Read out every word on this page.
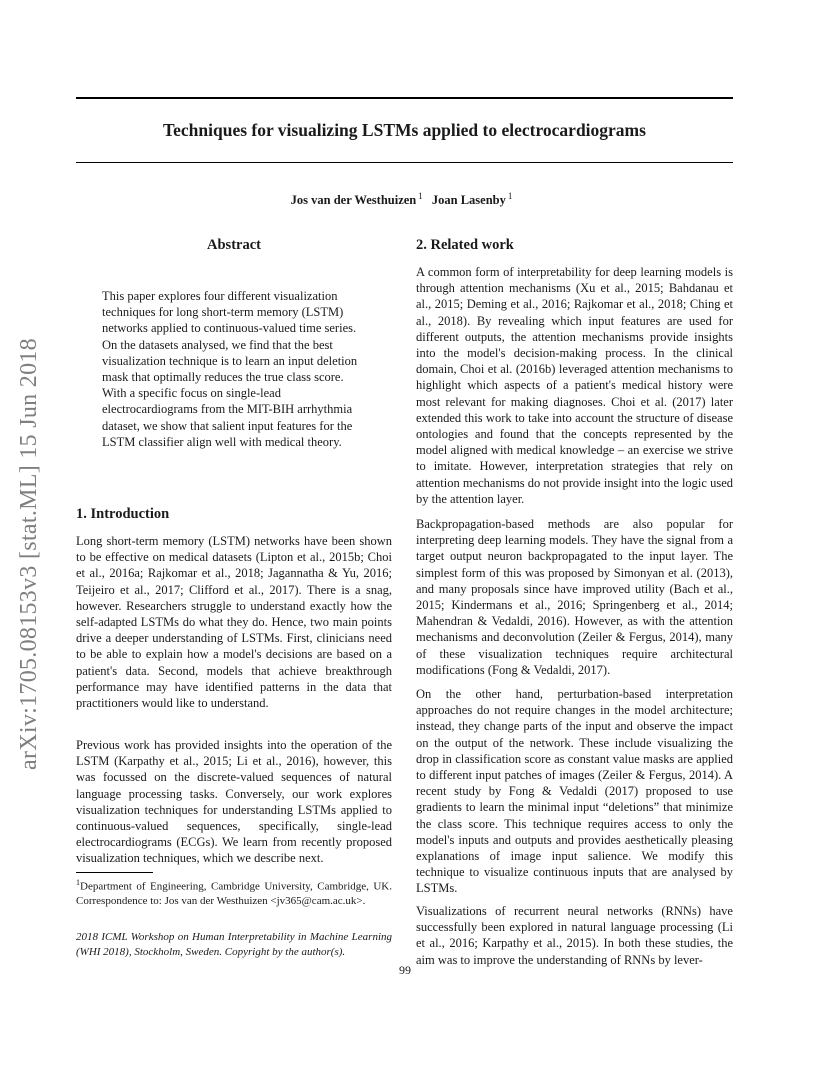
Techniques for visualizing LSTMs applied to electrocardiograms
Jos van der Westhuizen $^1$ Joan Lasenby $^1$
arXiv:1705.08153v3 [stat.ML] 15 Jun 2018
Abstract

This paper explores four different visualization techniques for long short-term memory (LSTM) networks applied to continuous-valued time series. On the datasets analysed, we find that the best visualization technique is to learn an input deletion mask that optimally reduces the true class score. With a specific focus on single-lead electrocardiograms from the MIT-BIH arrhythmia dataset, we show that salient input features for the LSTM classifier align well with medical theory.

1. Introduction

Long short-term memory (LSTM) networks have been shown to be effective on medical datasets (Lipton et al., 2015b; Choi et al., 2016a; Rajkomar et al., 2018; Jagannatha & Yu, 2016; Teijeiro et al., 2017; Clifford et al., 2017). There is a snag, however. Researchers struggle to understand exactly how the self-adapted LSTMs do what they do. Hence, two main points drive a deeper understanding of LSTMs. First, clinicians need to be able to explain how a model's decisions are based on a patient's data. Second, models that achieve breakthrough performance may have identified patterns in the data that practitioners would like to understand.

Previous work has provided insights into the operation of the LSTM (Karpathy et al., 2015; Li et al., 2016), however, this was focussed on the discrete-valued sequences of natural language processing tasks. Conversely, our work explores visualization techniques for understanding LSTMs applied to continuous-valued sequences, specifically, single-lead electrocardiograms (ECGs). We learn from recently proposed visualization techniques, which we describe next.

$^1$Department of Engineering, Cambridge University, Cambridge, UK. Correspondence to: Jos van der Westhuizen <jv365@cam.ac.uk>.

2018 ICML Workshop on Human Interpretability in Machine Learning (WHI 2018), Stockholm, Sweden. Copyright by the author(s).

2. Related work

A common form of interpretability for deep learning models is through attention mechanisms (Xu et al., 2015; Bahdanau et al., 2015; Deming et al., 2016; Rajkomar et al., 2018; Ching et al., 2018). By revealing which input features are used for different outputs, the attention mechanisms provide insights into the model's decision-making process. In the clinical domain, Choi et al. (2016b) leveraged attention mechanisms to highlight which aspects of a patient's medical history were most relevant for making diagnoses. Choi et al. (2017) later extended this work to take into account the structure of disease ontologies and found that the concepts represented by the model aligned with medical knowledge – an exercise we strive to imitate. However, interpretation strategies that rely on attention mechanisms do not provide insight into the logic used by the attention layer.

Backpropagation-based methods are also popular for interpreting deep learning models. They have the signal from a target output neuron backpropagated to the input layer. The simplest form of this was proposed by Simonyan et al. (2013), and many proposals since have improved utility (Bach et al., 2015; Kindermans et al., 2016; Springenberg et al., 2014; Mahendran & Vedaldi, 2016). However, as with the attention mechanisms and deconvolution (Zeiler & Fergus, 2014), many of these visualization techniques require architectural modifications (Fong & Vedaldi, 2017).

On the other hand, perturbation-based interpretation approaches do not require changes in the model architecture; instead, they change parts of the input and observe the impact on the output of the network. These include visualizing the drop in classification score as constant value masks are applied to different input patches of images (Zeiler & Fergus, 2014). A recent study by Fong & Vedaldi (2017) proposed to use gradients to learn the minimal input “deletions” that minimize the class score. This technique requires access to only the model's inputs and outputs and provides aesthetically pleasing explanations of image input salience. We modify this technique to visualize continuous inputs that are analysed by LSTMs.

Visualizations of recurrent neural networks (RNNs) have successfully been explored in natural language processing (Li et al., 2016; Karpathy et al., 2015). In both these studies, the aim was to improve the understanding of RNNs by lever-

99
